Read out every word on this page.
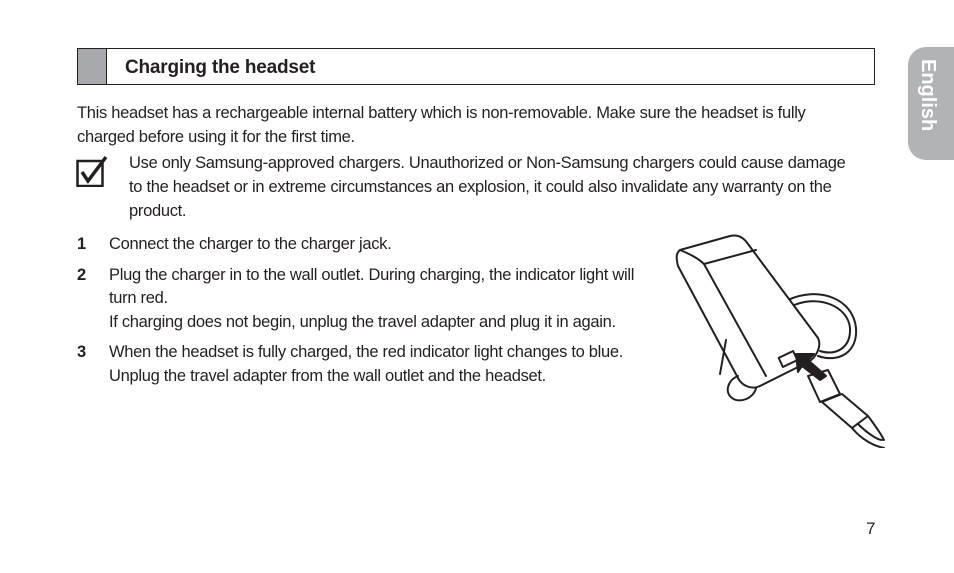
Charging the headset	English
This headset has a rechargeable internal battery which is non-removable. Make sure the headset is fully charged before using it for the first time.
Use only Samsung-approved chargers. Unauthorized or Non-Samsung chargers could cause damage to the headset or in extreme circumstances an explosion, it could also invalidate any warranty on the product.
1 Connect the charger to the charger jack.
2 Plug the charger in to the wall outlet. During charging, the indicator light will turn red.
If charging does not begin, unplug the travel adapter and plug it in again.
3 When the headset is fully charged, the red indicator light changes to blue. Unplug the travel adapter from the wall outlet and the headset.
7
